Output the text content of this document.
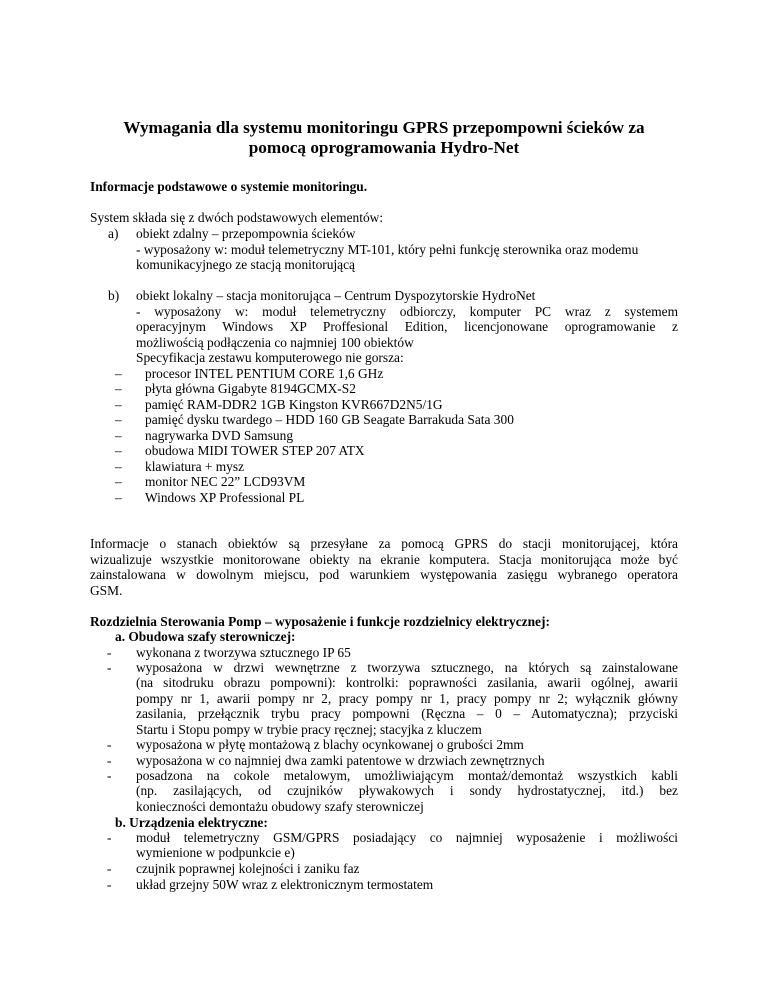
Wymagania dla systemu monitoringu GPRS przepompowni ścieków za
pomocą oprogramowania Hydro-Net
Informacje podstawowe o systemie monitoringu.
System składa się z dwóch podstawowych elementów:
a) obiekt zdalny – przepompownia ścieków
- wyposażony w: moduł telemetryczny MT-101, który pełni funkcję sterownika oraz modemu
komunikacyjnego ze stacją monitorującą
b) obiekt lokalny – stacja monitorująca – Centrum Dyspozytorskie HydroNet
- wyposażony w: moduł telemetryczny odbiorczy, komputer PC wraz z systemem
operacyjnym Windows XP Proffesional Edition, licencjonowane oprogramowanie z
możliwością podłączenia co najmniej 100 obiektów
Specyfikacja zestawu komputerowego nie gorsza:
– procesor INTEL PENTIUM CORE 1,6 GHz
– płyta główna Gigabyte 8194GCMX-S2
– pamięć RAM-DDR2 1GB Kingston KVR667D2N5/1G
– pamięć dysku twardego – HDD 160 GB Seagate Barrakuda Sata 300
– nagrywarka DVD Samsung
– obudowa MIDI TOWER STEP 207 ATX
– klawiatura + mysz
– monitor NEC 22” LCD93VM
– Windows XP Professional PL
Informacje o stanach obiektów są przesyłane za pomocą GPRS do stacji monitorującej, która
wizualizuje wszystkie monitorowane obiekty na ekranie komputera. Stacja monitorująca może być
zainstalowana w dowolnym miejscu, pod warunkiem występowania zasięgu wybranego operatora
GSM.
Rozdzielnia Sterowania Pomp – wyposażenie i funkcje rozdzielnicy elektrycznej:
a. Obudowa szafy sterowniczej:
- wykonana z tworzywa sztucznego IP 65
- wyposażona w drzwi wewnętrzne z tworzywa sztucznego, na których są zainstalowane
(na sitodruku obrazu pompowni): kontrolki: poprawności zasilania, awarii ogólnej, awarii
pompy nr 1, awarii pompy nr 2, pracy pompy nr 1, pracy pompy nr 2; wyłącznik główny
zasilania, przełącznik trybu pracy pompowni (Ręczna – 0 – Automatyczna); przyciski
Startu i Stopu pompy w trybie pracy ręcznej; stacyjka z kluczem
- wyposażona w płytę montażową z blachy ocynkowanej o grubości 2mm
- wyposażona w co najmniej dwa zamki patentowe w drzwiach zewnętrznych
- posadzona na cokole metalowym, umożliwiającym montaż/demontaż wszystkich kabli
(np. zasilających, od czujników pływakowych i sondy hydrostatycznej, itd.) bez
konieczności demontażu obudowy szafy sterowniczej
b. Urządzenia elektryczne:
- moduł telemetryczny GSM/GPRS posiadający co najmniej wyposażenie i możliwości
wymienione w podpunkcie e)
- czujnik poprawnej kolejności i zaniku faz
- układ grzejny 50W wraz z elektronicznym termostatem
